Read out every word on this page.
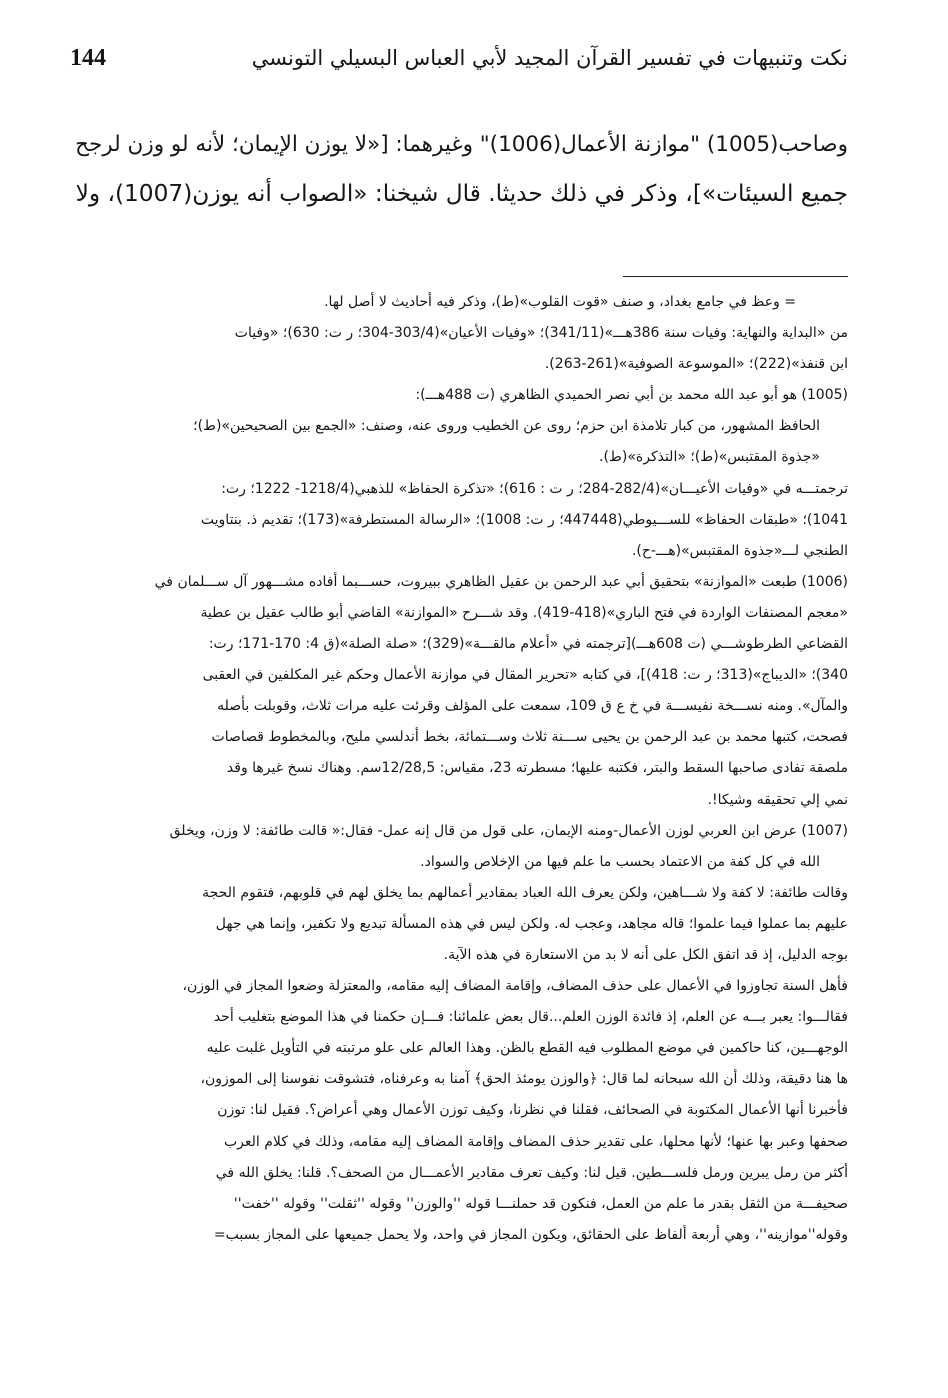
144	نكت وتنبيهات في تفسير القرآن المجيد لأبي العباس البسيلي التونسي
وصاحب(1005) "موازنة الأعمال(1006)" وغيرهما: [«لا يوزن الإيمان؛ لأنه لو وزن لرجح
جميع السيئات»]، وذكر في ذلك حديثا. قال شيخنا: «الصواب أنه يوزن(1007)، ولا
= وعظ في جامع بغداد، و صنف «قوت القلوب»(ط)، وذكر فيه أحاديث لا أصل لها.
من «البداية والنهاية: وفيات سنة 386هـــ»(341/11)؛ «وفيات الأعيان»(303/4-304؛ ر ت: 630)؛ «وفيات
ابن قنفذ»(222)؛ «الموسوعة الصوفية»(261-263).
(1005) هو أبو عبد الله محمد بن أبي نصر الحميدي الظاهري (ت 488هـــ):
الحافظ المشهور، من كبار تلامذة ابن حزم؛ روى عن الخطيب وروى عنه، وصنف: «الجمع بين الصحيحين»(ط)؛
«جذوة المقتبس»(ط)؛ «التذكرة»(ط).
ترجمتـــه في «وفيات الأعيـــان»(282/4-284؛ ر ت : 616)؛ «تذكرة الحفاظ» للذهبي(1218/4- 1222؛ رت:
1041)؛ «طبقات الحفاظ» للســـيوطي(447448؛ ر ت: 1008)؛ «الرسالة المستطرفة»(173)؛ تقديم ذ. بنتاويت
الطنجي لـــ«جذوة المقتبس»(هـــ-ح).
(1006) طبعت «الموازنة» بتحقيق أبي عبد الرحمن بن عقيل الظاهري ببيروت، حســـبما أفاده مشـــهور آل ســـلمان في
«معجم المصنفات الواردة في فتح الباري»(418-419). وقد شـــرح «الموازنة» القاضي أبو طالب عقيل بن عطية
القضاعي الطرطوشـــي (ت 608هـــ)[ترجمته في «أعلام مالقـــة»(329)؛ «صلة الصلة»(ق 4: 170-171؛ رت:
340)؛ «الديباج»(313؛ ر ت: 418)]، في كتابه «تحرير المقال في موازنة الأعمال وحكم غير المكلفين في العقبى
والمآل». ومنه نســـخة نفيســـة في خ ع ق 109، سمعت على المؤلف وقرئت عليه مرات ثلاث، وقوبلت بأصله
فصحت، كتبها محمد بن عبد الرحمن بن يحيى ســـنة ثلاث وســـتمائة، بخط أندلسي مليح، وبالمخطوط قصاصات
ملصقة تفادى صاحبها السقط والبتر، فكتبه عليها؛ مسطرته 23، مقياس: 12/28,5سم. وهناك نسخ غيرها وقد
نمي إلي تحقيقه وشيكا!.
(1007) عرض ابن العربي لوزن الأعمال-ومنه الإيمان، على قول من قال إنه عمل- فقال:« قالت طائفة: لا وزن، ويخلق
الله في كل كفة من الاعتماد بحسب ما علم فيها من الإخلاص والسواد.
وقالت طائفة: لا كفة ولا شـــاهين، ولكن يعرف الله العباد بمقادير أعمالهم بما يخلق لهم في قلوبهم، فتقوم الحجة
عليهم بما عملوا فيما علموا؛ قاله مجاهد، وعجب له. ولكن ليس في هذه المسألة تبديع ولا تكفير، وإنما هي جهل
بوجه الدليل، إذ قد اتفق الكل على أنه لا بد من الاستعارة في هذه الآية.
فأهل السنة تجاوزوا في الأعمال على حذف المضاف، وإقامة المضاف إليه مقامه، والمعتزلة وضعوا المجاز في الوزن،
فقالـــوا: يعبر بـــه عن العلم، إذ فائدة الوزن العلم...قال بعض علمائنا: فـــإن حكمنا في هذا الموضع بتغليب أحد
الوجهـــين، كنا حاكمين في موضع المطلوب فيه القطع بالظن. وهذا العالم على علو مرتبته في التأويل غلبت عليه
ها هنا دقيقة، وذلك أن الله سبحانه لما قال: ﴿والوزن يومئذ الحق﴾ آمنا به وعرفناه، فتشوقت نفوسنا إلى الموزون،
فأخبرنا أنها الأعمال المكتوبة في الصحائف، فقلنا في نظرنا، وكيف توزن الأعمال وهي أعراض؟. فقيل لنا: توزن
صحفها وعبر بها عنها؛ لأنها محلها، على تقدير حذف المضاف وإقامة المضاف إليه مقامه، وذلك في كلام العرب
أكثر من رمل يبرين ورمل فلســـطين. قيل لنا: وكيف تعرف مقادير الأعمـــال من الصحف؟. قلنا: يخلق الله في
صحيفـــة من الثقل بقدر ما علم من العمل، فنكون قد حملنـــا قوله ''والوزن'' وقوله ''ثقلت'' وقوله ''خفت''
وقوله''موازينه''، وهي أربعة ألفاظ على الحقائق، ويكون المجاز في واحد، ولا يحمل جميعها على المجاز بسبب=
